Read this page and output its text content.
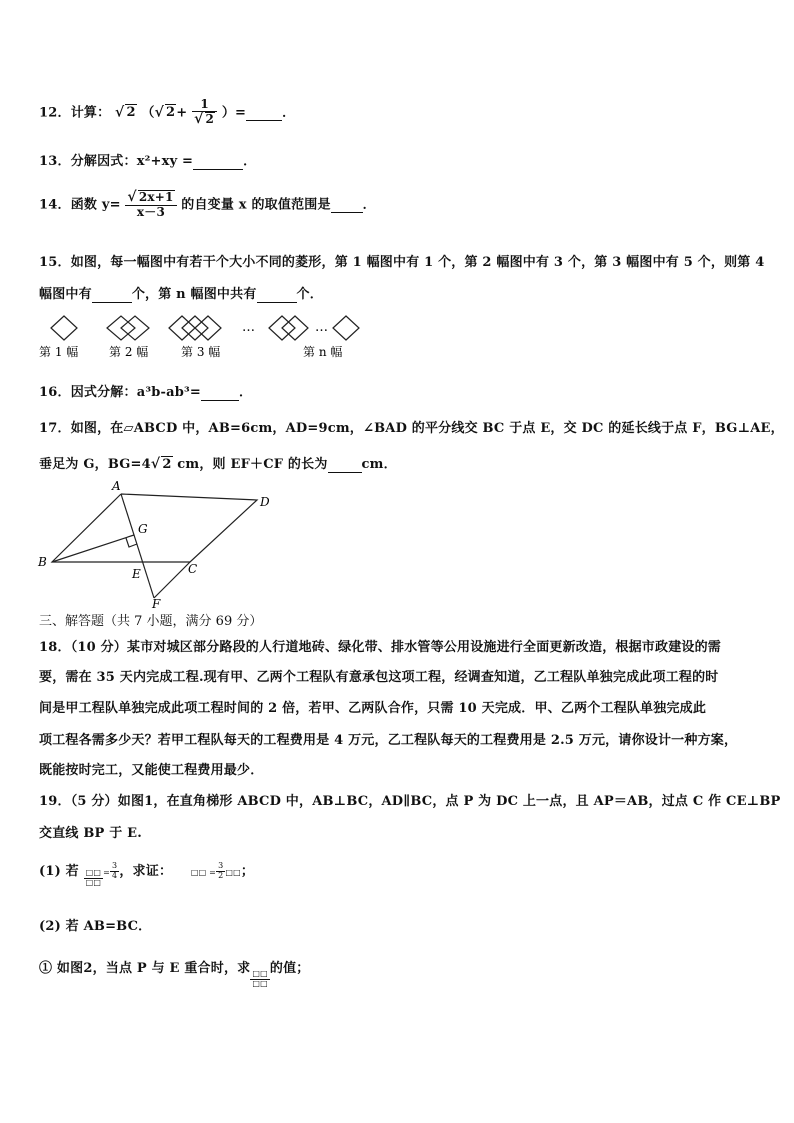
12．计算： √ 2 （√ $2+ \frac{1}{√ 2}$ ）=	．
13．分解因式：x²+xy =	．
14．函数 $y= \frac{√ 2x+1}{x-3}$ 的自变量 x 的取值范围是 ．
15．如图，每一幅图中有若干个大小不同的菱形，第 1 幅图中有 1 个，第 2 幅图中有 3 个，第 3 幅图中有 5 个，则第 4
幅图中有	个，第 n 幅图中共有	个．
…	…
第 1 幅	第 2 幅	第 3 幅	第 n 幅
16．因式分解：a³b-ab³=	．
17．如图，在▱ABCD 中，AB=6cm，AD=9cm，∠BAD 的平分线交 BC 于点 E，交 DC 的延长线于点 F，BG⊥AE，
垂足为 G，BG=4√ 2 cm，则 EF＋CF 的长为	cm．
A
D
B	C
G
E
F
三、解答题（共 7 小题，满分 69 分）
18．（10 分）某市对城区部分路段的人行道地砖、绿化带、排水管等公用设施进行全面更新改造，根据市政建设的需
要，需在 35 天内完成工程.现有甲、乙两个工程队有意承包这项工程，经调查知道，乙工程队单独完成此项工程的时
间是甲工程队单独完成此项工程时间的 2 倍，若甲、乙两队合作，只需 10 天完成．甲、乙两个工程队单独完成此
项工程各需多少天？若甲工程队每天的工程费用是 4 万元，乙工程队每天的工程费用是 2.5 万元，请你设计一种方案，
既能按时完工，又能使工程费用最少．
19．（5 分）如图1，在直角梯形 ABCD 中，AB⊥BC，AD∥BC，点 P 为 DC 上一点，且 AP＝AB，过点 C 作 CE⊥BP
交直线 BP 于 E.
(1) 若 $\frac{□□}{□□} = \frac{3}{4}$ ，求证： □□ = $\frac{3}{2}$ □□；
(2) 若 AB=BC．
① 如图2，当点 P 与 E 重合时，求
$\frac{□□}{□□}$
的值；
